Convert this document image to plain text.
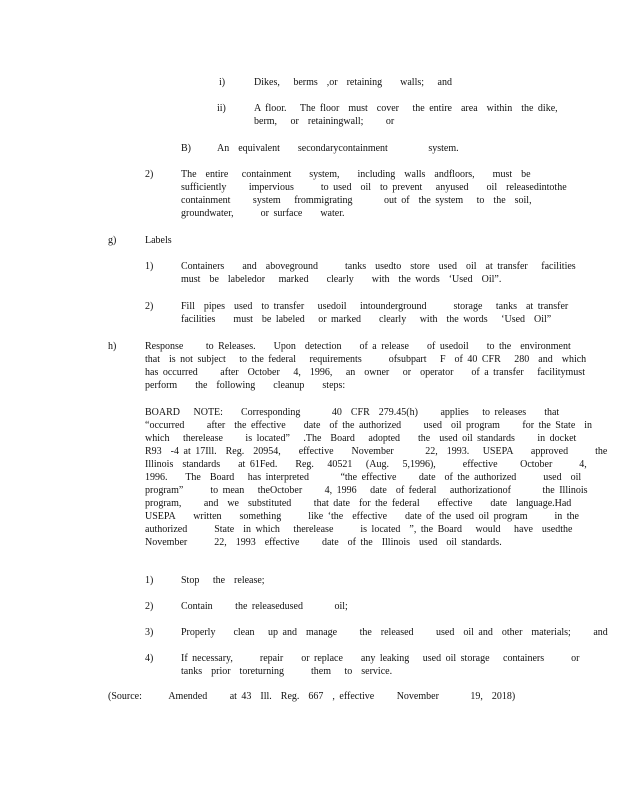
i)	Dikes,   berms  ,or  retaining    walls;   and
ii)	A floor.   The floor  must  cover   the entire  area  within  the dike,
berm,   or  retainingwall;     or
B)	An  equivalent    secondarycontainment         system.
2)	The  entire   containment    system,    including  walls  andfloors,    must  be
sufficiently     impervious      to used  oil  to prevent   anyused    oil  releasedintothe
containment     system   frommigrating       out of  the system   to  the  soil,
groundwater,      or surface    water.
g)	Labels
1)	Containers    and  aboveground      tanks  usedto  store  used  oil  at transfer   facilities
must  be  labeledor   marked    clearly    with  the words  ‘Used  Oil”.
2)	Fill  pipes  used  to transfer   usedoil   intounderground      storage   tanks  at transfer
facilities    must  be labeled   or marked    clearly   with  the words   ‘Used  Oil”
h)	Response     to Releases.    Upon  detection    of a release    of usedoil    to the  environment
that  is not subject   to the federal   requirements      ofsubpart   F  of 40 CFR   280  and  which
has occurred     after  October   4,  1996,   an  owner   or  operator    of a transfer   facilitymust
perform    the  following    cleanup    steps:
BOARD   NOTE:    Corresponding       40  CFR  279.45(h)     applies   to releases    that
“occurred     after  the effective    date  of the authorized     used  oil program     for the State  in
which   therelease     is located”   .The  Board   adopted    the  used oil standards     in docket
R93  -4 at 17Ill.  Reg.  20954,    effective    November       22,  1993.   USEPA    approved      the
Illinois  standards    at 61Fed.    Reg.   40521   (Aug.   5,1996),      effective     October      4,
1996.    The  Board   has interpreted       “the effective     date  of the authorized      used  oil
program”      to mean   theOctober     4, 1996   date  of federal   authorizationof       the Illinois
program,     and  we  substituted     that date  for the federal    effective    date  language.Had
USEPA    written    something      like ‘the  effective    date of the used oil program      in the
authorized      State  in which   therelease      is located  ”, the Board   would   have  usedthe
November      22,  1993  effective     date  of the  Illinois  used  oil standards.
1)	Stop   the  release;
2)	Contain     the releasedused       oil;
3)	Properly    clean   up and  manage     the  released     used  oil and  other  materials;     and
4)	If necessary,      repair    or replace    any leaking   used oil storage   containers      or
tanks  prior  toreturning      them   to  service.
(Source:      Amended     at 43  Ill.  Reg.  667  , effective     November       19,  2018)
